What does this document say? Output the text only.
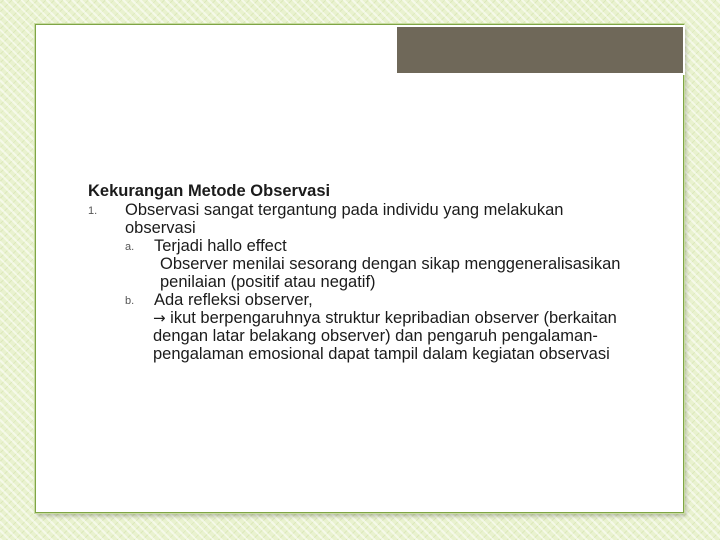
Kekurangan Metode Observasi
1. Observasi sangat tergantung pada individu yang melakukan observasi
a. Terjadi hallo effect
Observer menilai sesorang dengan sikap menggeneralisasikan penilaian (positif atau negatif)
b. Ada refleksi observer,
→ ikut berpengaruhnya struktur kepribadian observer (berkaitan dengan latar belakang observer) dan pengaruh pengalaman-pengalaman emosional dapat tampil dalam kegiatan observasi
